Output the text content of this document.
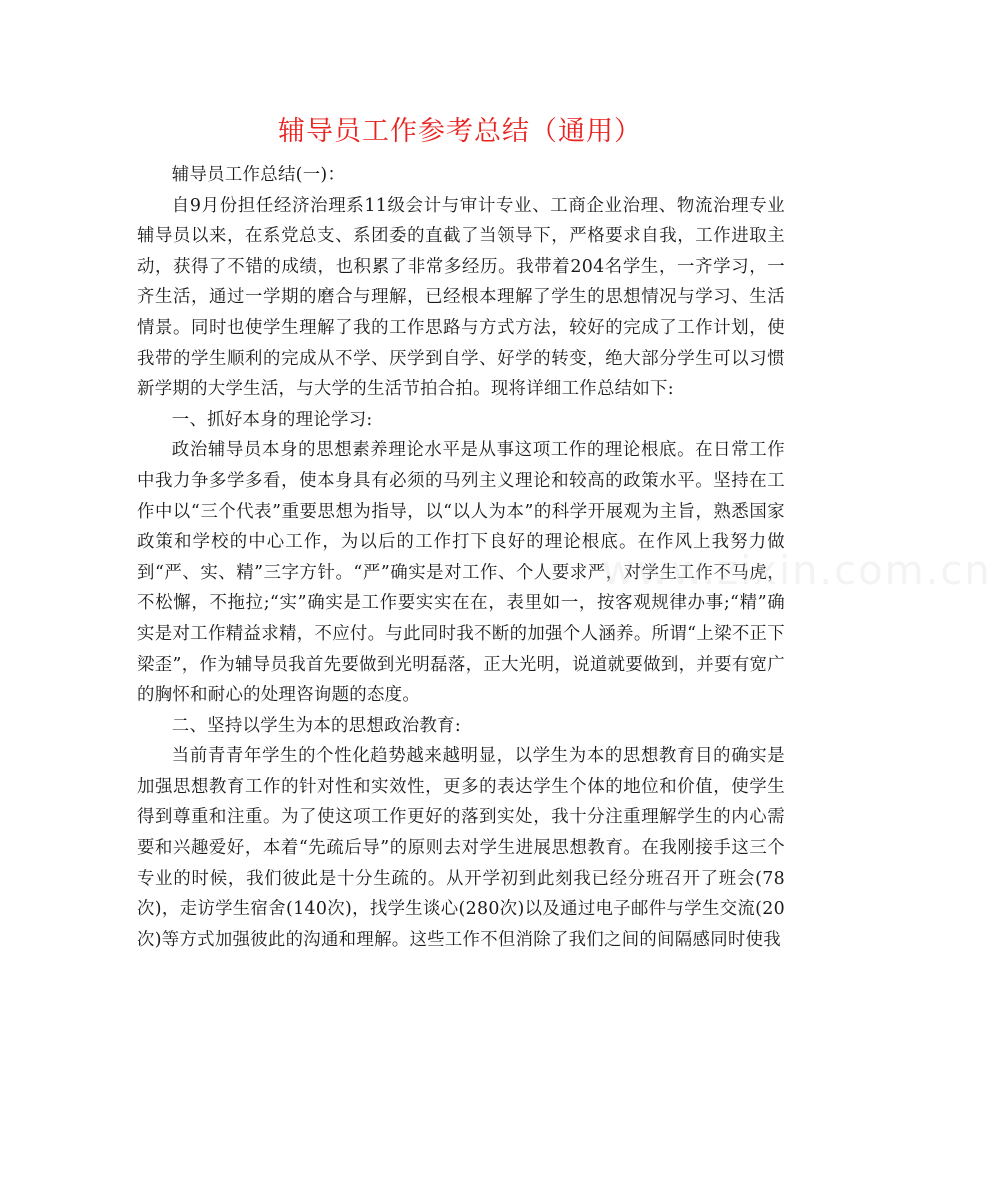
辅导员工作参考总结（通用）

辅导员工作总结(一)：

自9月份担任经济治理系11级会计与审计专业、工商企业治理、物流治理专业辅导员以来，在系党总支、系团委的直截了当领导下，严格要求自我，工作进取主动，获得了不错的成绩，也积累了非常多经历。我带着204名学生，一齐学习，一齐生活，通过一学期的磨合与理解，已经根本理解了学生的思想情况与学习、生活情景。同时也使学生理解了我的工作思路与方式方法，较好的完成了工作计划，使我带的学生顺利的完成从不学、厌学到自学、好学的转变，绝大部分学生可以习惯新学期的大学生活，与大学的生活节拍合拍。现将详细工作总结如下:

一、抓好本身的理论学习:

政治辅导员本身的思想素养理论水平是从事这项工作的理论根底。在日常工作中我力争多学多看，使本身具有必须的马列主义理论和较高的政策水平。坚持在工作中以“三个代表”重要思想为指导，以“以人为本”的科学开展观为主旨，熟悉国家政策和学校的中心工作，为以后的工作打下良好的理论根底。在作风上我努力做到“严、实、精”三字方针。“严”确实是对工作、个人要求严，对学生工作不马虎，不松懈，不拖拉;“实”确实是工作要实实在在，表里如一，按客观规律办事;“精”确实是对工作精益求精，不应付。与此同时我不断的加强个人涵养。所谓“上梁不正下梁歪”，作为辅导员我首先要做到光明磊落，正大光明，说道就要做到，并要有宽广的胸怀和耐心的处理咨询题的态度。

二、坚持以学生为本的思想政治教育:

当前青青年学生的个性化趋势越来越明显，以学生为本的思想教育目的确实是加强思想教育工作的针对性和实效性，更多的表达学生个体的地位和价值，使学生得到尊重和注重。为了使这项工作更好的落到实处，我十分注重理解学生的内心需要和兴趣爱好，本着“先疏后导”的原则去对学生进展思想教育。在我刚接手这三个专业的时候，我们彼此是十分生疏的。从开学初到此刻我已经分班召开了班会(78次)，走访学生宿舍(140次)，找学生谈心(280次)以及通过电子邮件与学生交流(20次)等方式加强彼此的沟通和理解。这些工作不但消除了我们之间的间隔感同时使我

www.zixin.com.cn
